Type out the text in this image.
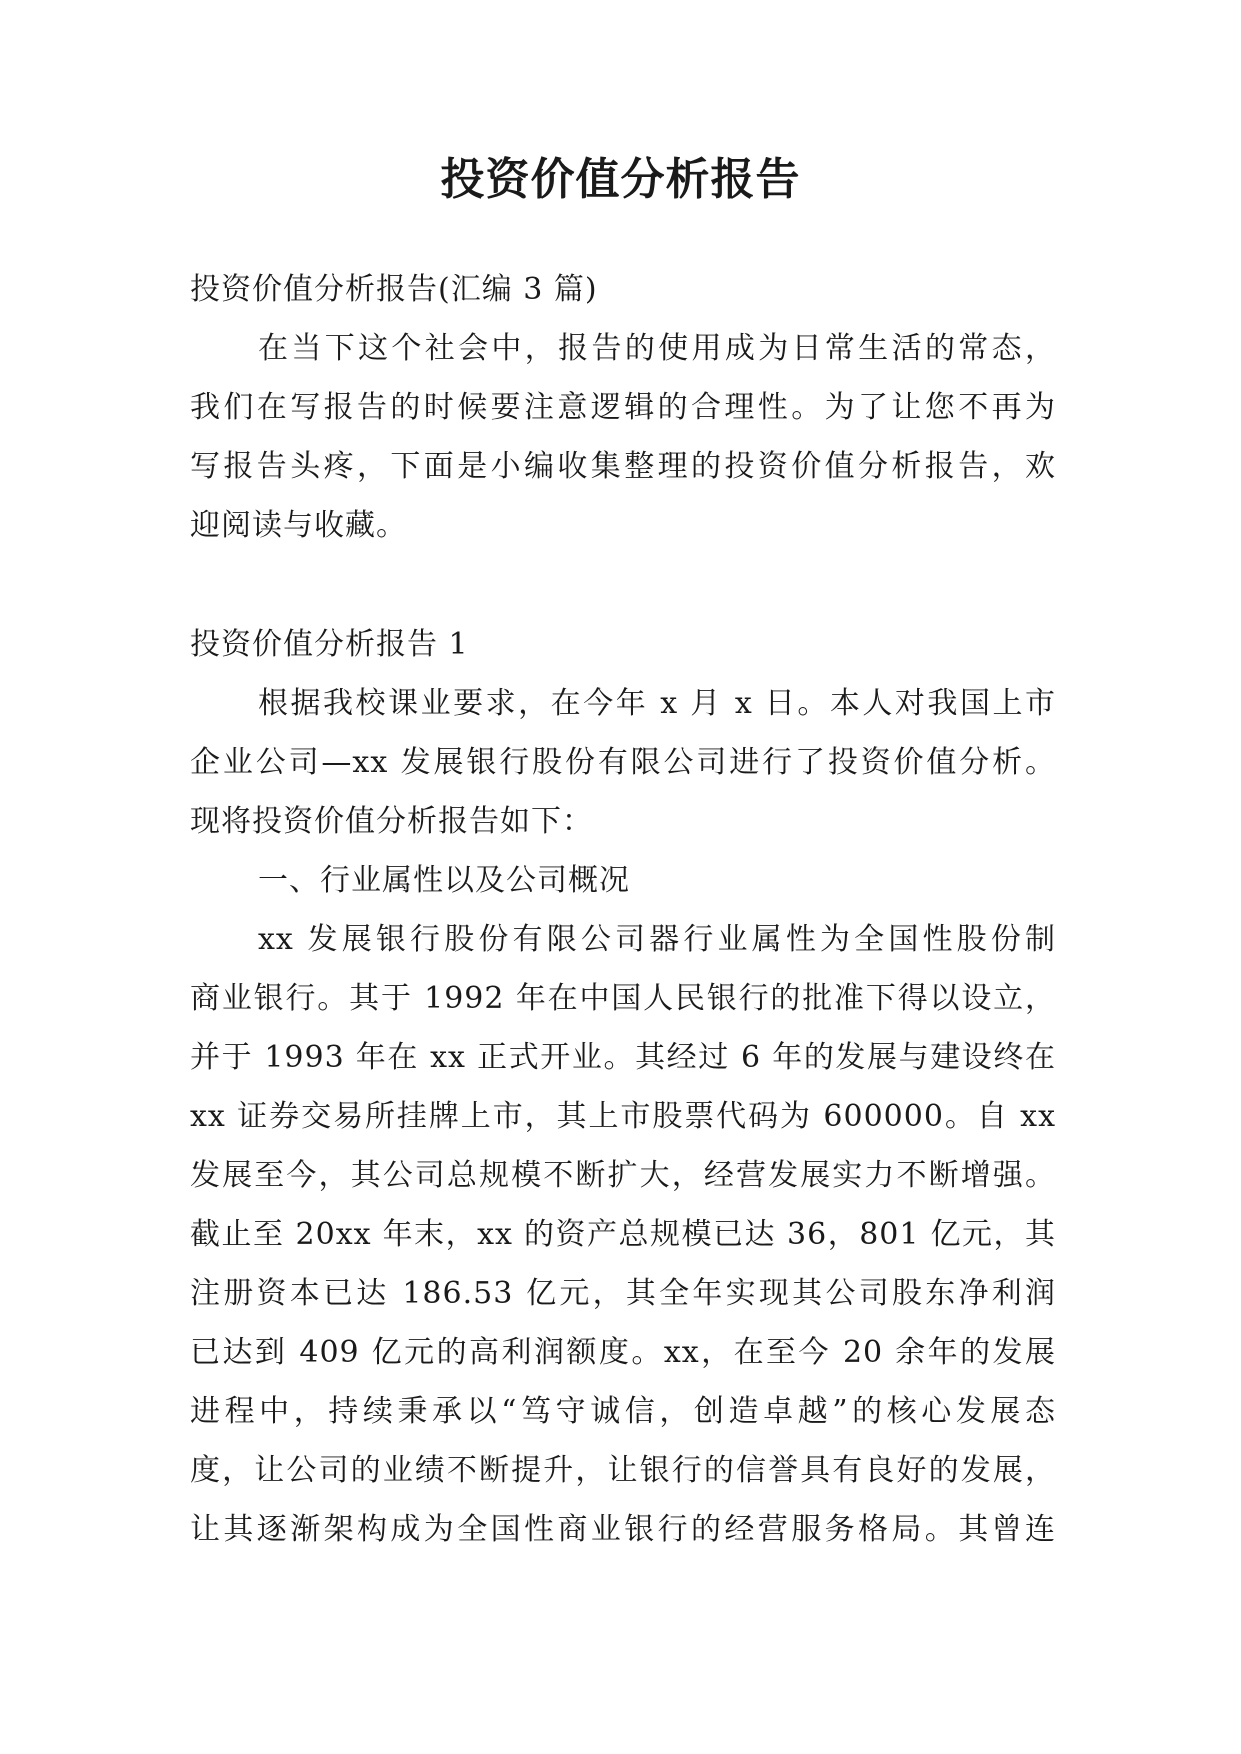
投资价值分析报告
投资价值分析报告(汇编 3 篇)
在当下这个社会中，报告的使用成为日常生活的常态，
我们在写报告的时候要注意逻辑的合理性。为了让您不再为
写报告头疼，下面是小编收集整理的投资价值分析报告，欢
迎阅读与收藏。
投资价值分析报告 1
根据我校课业要求，在今年 x 月 x 日。本人对我国上市
企业公司—xx 发展银行股份有限公司进行了投资价值分析。
现将投资价值分析报告如下：
一、行业属性以及公司概况
xx 发展银行股份有限公司器行业属性为全国性股份制
商业银行。其于 1992 年在中国人民银行的批准下得以设立，
并于 1993 年在 xx 正式开业。其经过 6 年的发展与建设终在
xx 证券交易所挂牌上市，其上市股票代码为 600000。自 xx
发展至今，其公司总规模不断扩大，经营发展实力不断增强。
截止至 20xx 年末，xx 的资产总规模已达 36，801 亿元，其
注册资本已达 186.53 亿元，其全年实现其公司股东净利润
已达到 409 亿元的高利润额度。xx，在至今 20 余年的发展
进程中，持续秉承以“笃守诚信，创造卓越”的核心发展态
度，让公司的业绩不断提升，让银行的信誉具有良好的发展，
让其逐渐架构成为全国性商业银行的经营服务格局。其曾连
